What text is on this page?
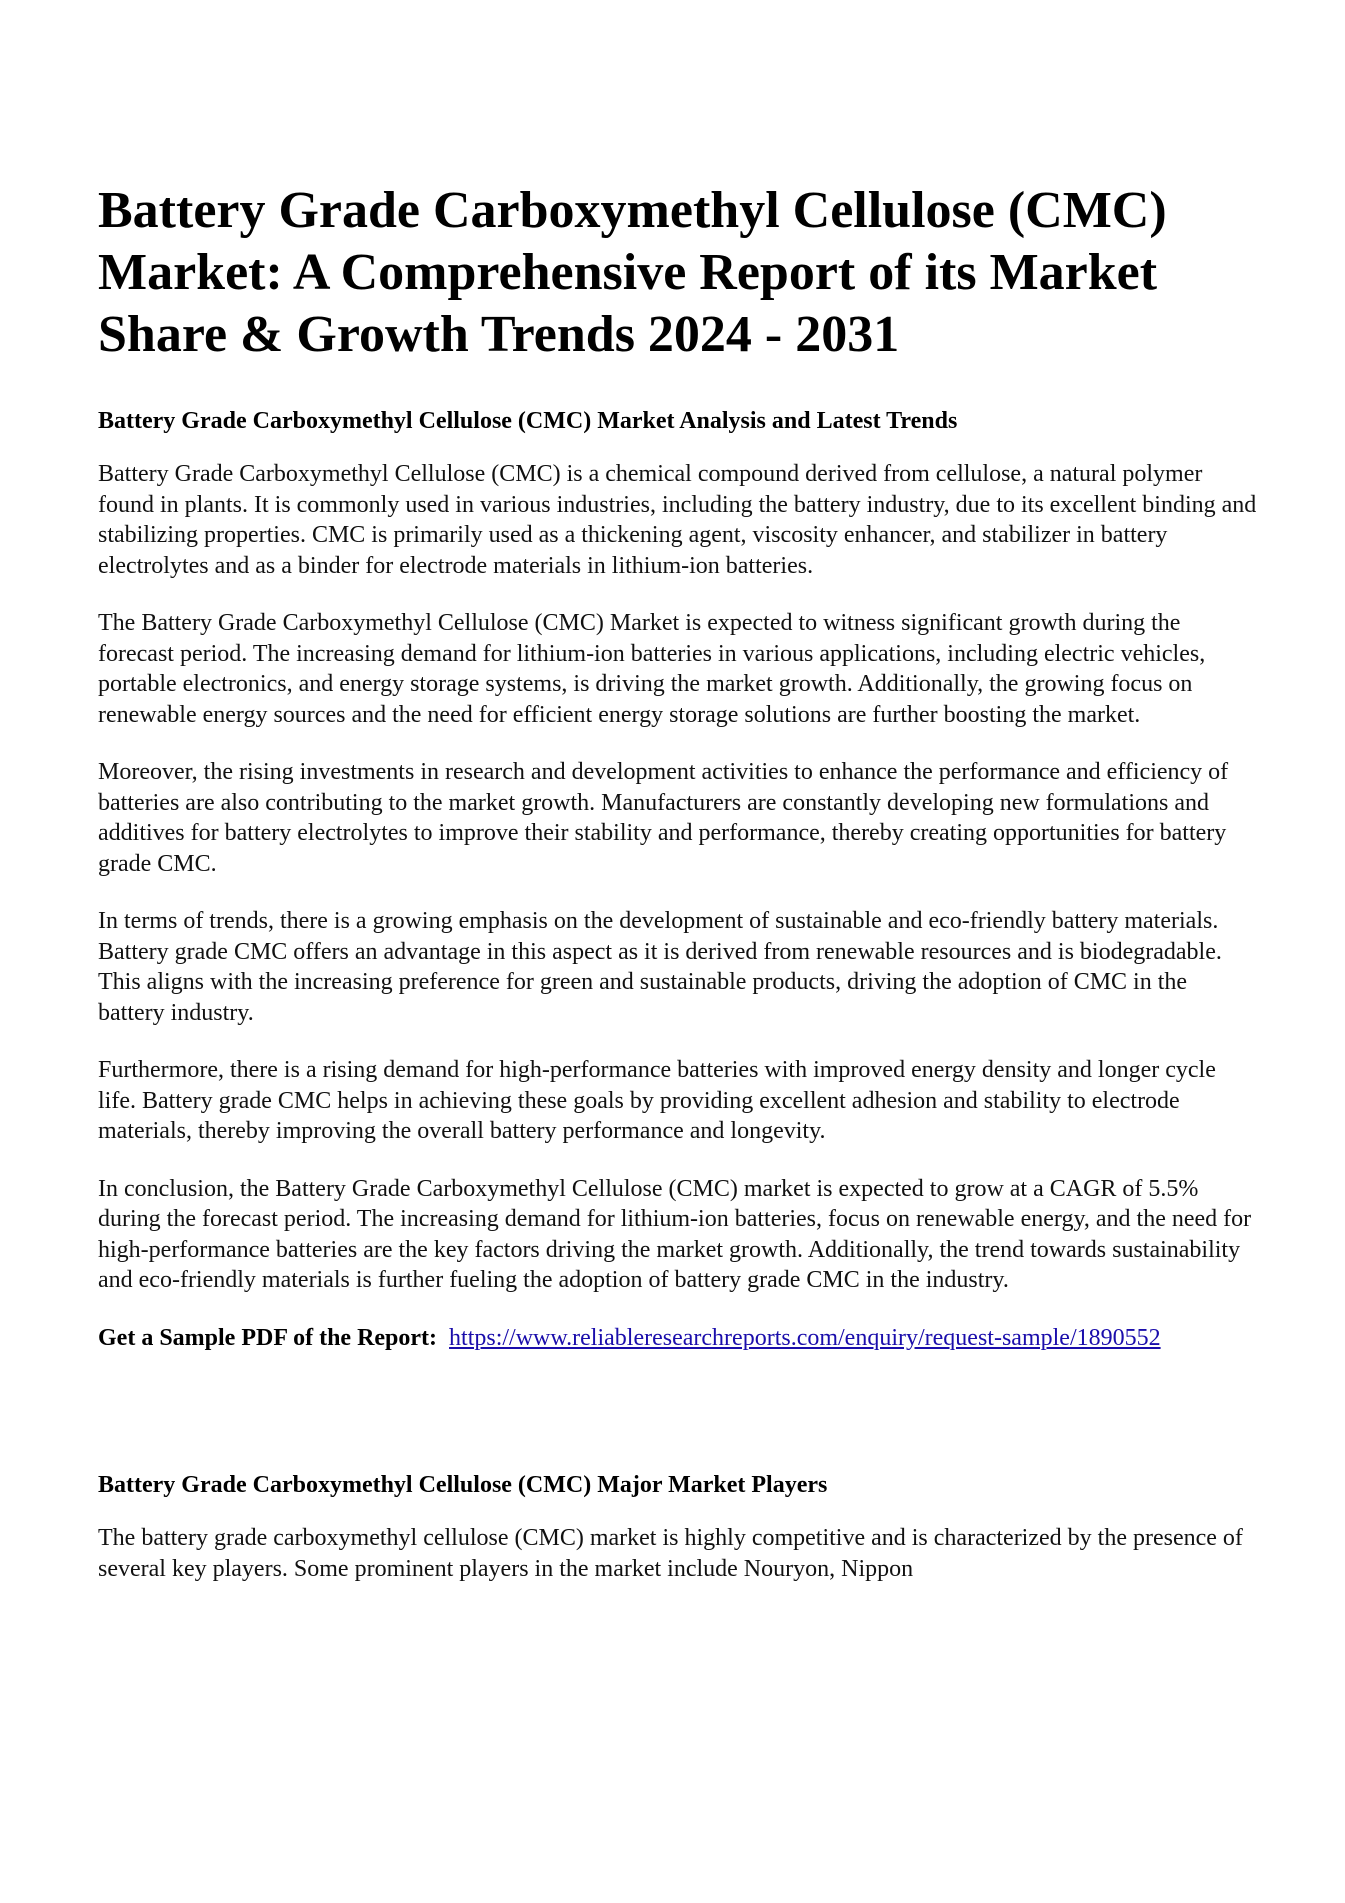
Battery Grade Carboxymethyl Cellulose (CMC) Market: A Comprehensive Report of its Market Share & Growth Trends 2024 - 2031
Battery Grade Carboxymethyl Cellulose (CMC) Market Analysis and Latest Trends

Battery Grade Carboxymethyl Cellulose (CMC) is a chemical compound derived from cellulose, a natural polymer found in plants. It is commonly used in various industries, including the battery industry, due to its excellent binding and stabilizing properties. CMC is primarily used as a thickening agent, viscosity enhancer, and stabilizer in battery electrolytes and as a binder for electrode materials in lithium-ion batteries.

The Battery Grade Carboxymethyl Cellulose (CMC) Market is expected to witness significant growth during the forecast period. The increasing demand for lithium-ion batteries in various applications, including electric vehicles, portable electronics, and energy storage systems, is driving the market growth. Additionally, the growing focus on renewable energy sources and the need for efficient energy storage solutions are further boosting the market.

Moreover, the rising investments in research and development activities to enhance the performance and efficiency of batteries are also contributing to the market growth. Manufacturers are constantly developing new formulations and additives for battery electrolytes to improve their stability and performance, thereby creating opportunities for battery grade CMC.

In terms of trends, there is a growing emphasis on the development of sustainable and eco-friendly battery materials. Battery grade CMC offers an advantage in this aspect as it is derived from renewable resources and is biodegradable. This aligns with the increasing preference for green and sustainable products, driving the adoption of CMC in the battery industry.

Furthermore, there is a rising demand for high-performance batteries with improved energy density and longer cycle life. Battery grade CMC helps in achieving these goals by providing excellent adhesion and stability to electrode materials, thereby improving the overall battery performance and longevity.

In conclusion, the Battery Grade Carboxymethyl Cellulose (CMC) market is expected to grow at a CAGR of 5.5% during the forecast period. The increasing demand for lithium-ion batteries, focus on renewable energy, and the need for high-performance batteries are the key factors driving the market growth. Additionally, the trend towards sustainability and eco-friendly materials is further fueling the adoption of battery grade CMC in the industry.

Get a Sample PDF of the Report: https://www.reliableresearchreports.com/enquiry/request-sample/1890552

Battery Grade Carboxymethyl Cellulose (CMC) Major Market Players

The battery grade carboxymethyl cellulose (CMC) market is highly competitive and is characterized by the presence of several key players. Some prominent players in the market include Nouryon, Nippon
